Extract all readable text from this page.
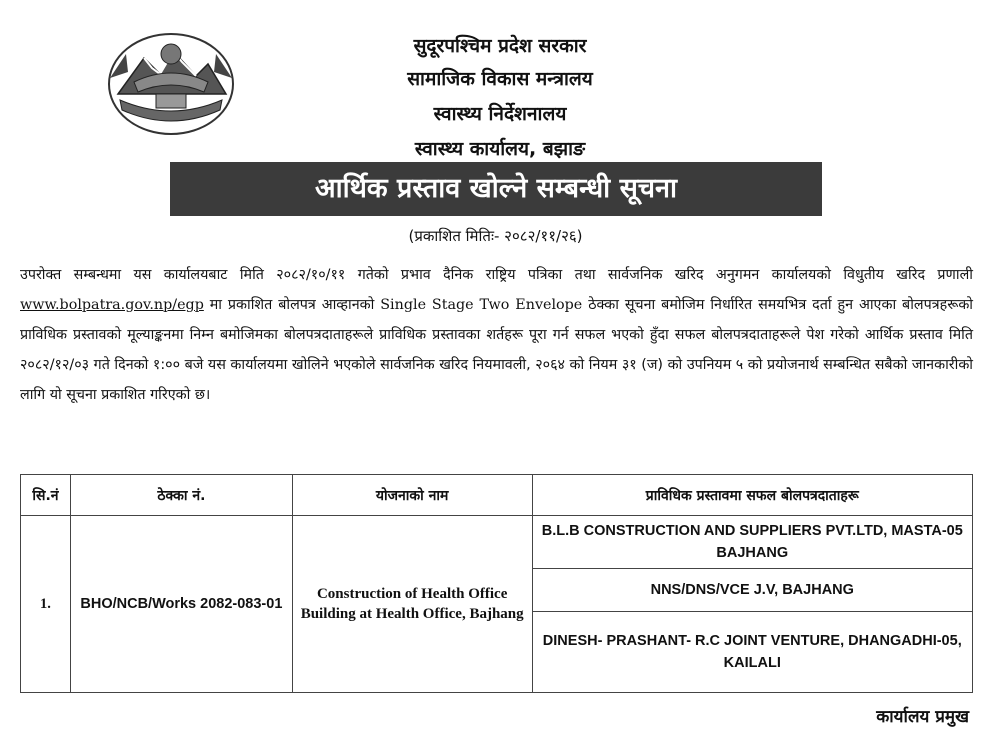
सुदूरपश्चिम प्रदेश सरकार
सामाजिक विकास मन्त्रालय
स्वास्थ्य निर्देशनालय
स्वास्थ्य कार्यालय, बझाङ
आर्थिक प्रस्ताव खोल्ने सम्बन्धी सूचना
(प्रकाशित मितिः- २०८२/११/२६)
उपरोक्त सम्बन्धमा यस कार्यालयबाट मिति २०८२/१०/११ गतेको प्रभाव दैनिक राष्ट्रिय पत्रिका तथा सार्वजनिक खरिद अनुगमन कार्यालयको विधुतीय खरिद प्रणाली www.bolpatra.gov.np/egp मा प्रकाशित बोलपत्र आव्हानको Single Stage Two Envelope ठेक्का सूचना बमोजिम निर्धारित समयभित्र दर्ता हुन आएका बोलपत्रहरूको प्राविधिक प्रस्तावको मूल्याङ्कनमा निम्न बमोजिमका बोलपत्रदाताहरूले प्राविधिक प्रस्तावका शर्तहरू पूरा गर्न सफल भएको हुँदा सफल बोलपत्रदाताहरूले पेश गरेको आर्थिक प्रस्ताव मिति २०८२/१२/०३ गते दिनको १:०० बजे यस कार्यालयमा खोलिने भएकोले सार्वजनिक खरिद नियमावली, २०६४ को नियम ३१ (ज) को उपनियम ५ को प्रयोजनार्थ सम्बन्धित सबैको जानकारीको लागि यो सूचना प्रकाशित गरिएको छ।
सि.नं	ठेक्का नं.	योजनाको नाम	प्राविधिक प्रस्तावमा सफल बोलपत्रदाताहरू
1.	BHO/NCB/Works 2082-083-01	Construction of Health Office Building at Health Office, Bajhang	B.L.B CONSTRUCTION AND SUPPLIERS PVT.LTD, MASTA-05 BAJHANG
			NNS/DNS/VCE J.V, BAJHANG
			DINESH- PRASHANT- R.C JOINT VENTURE, DHANGADHI-05, KAILALI
कार्यालय प्रमुख
